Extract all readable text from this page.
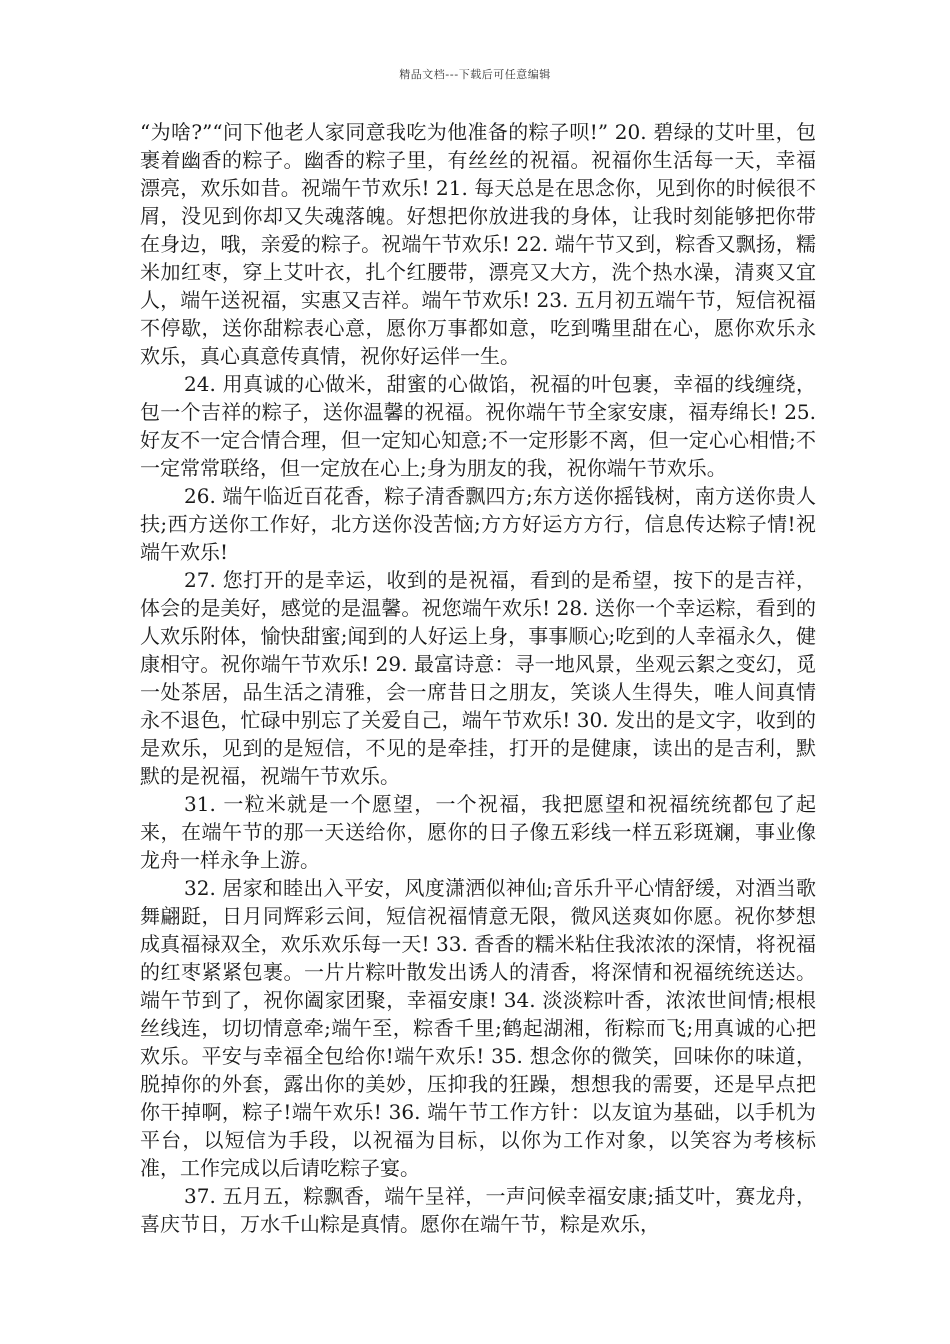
精品文档---下载后可任意编辑

“为啥?”“问下他老人家同意我吃为他准备的粽子呗!” 20. 碧绿的艾叶里，包裹着幽香的粽子。幽香的粽子里，有丝丝的祝福。祝福你生活每一天，幸福漂亮，欢乐如昔。祝端午节欢乐! 21. 每天总是在思念你，见到你的时候很不屑，没见到你却又失魂落魄。好想把你放进我的身体，让我时刻能够把你带在身边，哦，亲爱的粽子。祝端午节欢乐! 22. 端午节又到，粽香又飘扬，糯米加红枣，穿上艾叶衣，扎个红腰带，漂亮又大方，洗个热水澡，清爽又宜人，端午送祝福，实惠又吉祥。端午节欢乐! 23. 五月初五端午节，短信祝福不停歇，送你甜粽表心意，愿你万事都如意，吃到嘴里甜在心，愿你欢乐永欢乐，真心真意传真情，祝你好运伴一生。

24. 用真诚的心做米，甜蜜的心做馅，祝福的叶包裹，幸福的线缠绕，包一个吉祥的粽子，送你温馨的祝福。祝你端午节全家安康，福寿绵长! 25. 好友不一定合情合理，但一定知心知意;不一定形影不离，但一定心心相惜;不一定常常联络，但一定放在心上;身为朋友的我，祝你端午节欢乐。

26. 端午临近百花香，粽子清香飘四方;东方送你摇钱树，南方送你贵人扶;西方送你工作好，北方送你没苦恼;方方好运方方行，信息传达粽子情!祝端午欢乐!

27. 您打开的是幸运，收到的是祝福，看到的是希望，按下的是吉祥，体会的是美好，感觉的是温馨。祝您端午欢乐! 28. 送你一个幸运粽，看到的人欢乐附体，愉快甜蜜;闻到的人好运上身，事事顺心;吃到的人幸福永久，健康相守。祝你端午节欢乐! 29. 最富诗意：寻一地风景，坐观云絮之变幻，觅一处茶居，品生活之清雅，会一席昔日之朋友，笑谈人生得失，唯人间真情永不退色，忙碌中别忘了关爱自己，端午节欢乐! 30. 发出的是文字，收到的是欢乐，见到的是短信，不见的是牵挂，打开的是健康，读出的是吉利，默默的是祝福，祝端午节欢乐。

31. 一粒米就是一个愿望，一个祝福，我把愿望和祝福统统都包了起来，在端午节的那一天送给你，愿你的日子像五彩线一样五彩斑斓，事业像龙舟一样永争上游。

32. 居家和睦出入平安，风度潇洒似神仙;音乐升平心情舒缓，对酒当歌舞翩跹，日月同辉彩云间，短信祝福情意无限，微风送爽如你愿。祝你梦想成真福禄双全，欢乐欢乐每一天! 33. 香香的糯米粘住我浓浓的深情，将祝福的红枣紧紧包裹。一片片粽叶散发出诱人的清香，将深情和祝福统统送达。端午节到了，祝你阖家团聚，幸福安康! 34. 淡淡粽叶香，浓浓世间情;根根丝线连，切切情意牵;端午至，粽香千里;鹤起湖湘，衔粽而飞;用真诚的心把欢乐。平安与幸福全包给你!端午欢乐! 35. 想念你的微笑，回味你的味道，脱掉你的外套，露出你的美妙，压抑我的狂躁，想想我的需要，还是早点把你干掉啊，粽子!端午欢乐! 36. 端午节工作方针：以友谊为基础，以手机为平台，以短信为手段，以祝福为目标，以你为工作对象，以笑容为考核标准，工作完成以后请吃粽子宴。

37. 五月五，粽飘香，端午呈祥，一声问候幸福安康;插艾叶，赛龙舟，喜庆节日，万水千山粽是真情。愿你在端午节，粽是欢乐，
